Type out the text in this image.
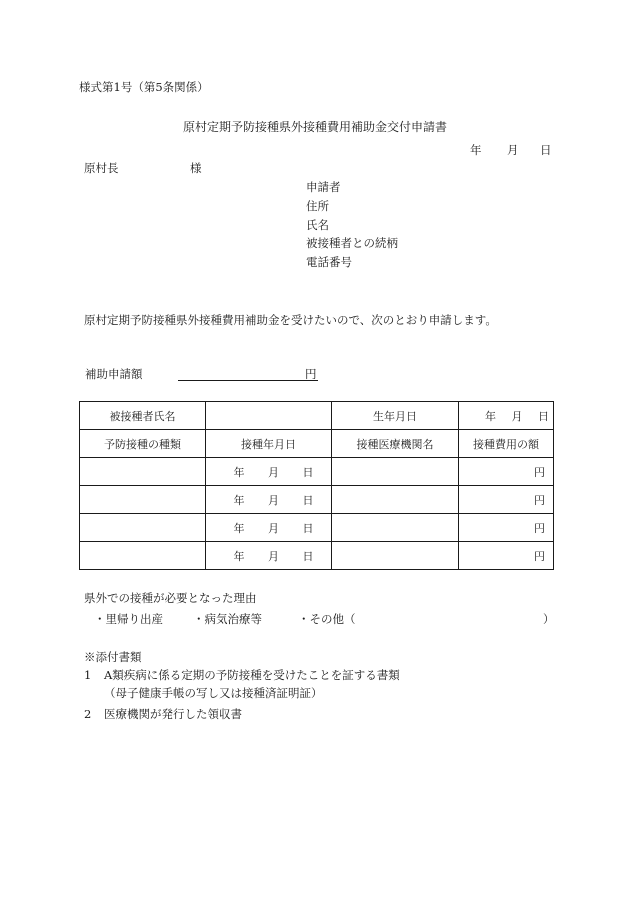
様式第1号（第5条関係）
原村定期予防接種県外接種費用補助金交付申請書
年 月 日
原村長	様
申請者
住所
氏名
被接種者との続柄
電話番号
原村定期予防接種県外接種費用補助金を受けたいので、次のとおり申請します。
補助申請額	円
被接種者氏名		生年月日	年 月 日
予防接種の種類	接種年月日	接種医療機関名	接種費用の額
	年 月 日		円
	年 月 日		円
	年 月 日		円
	年 月 日		円
県外での接種が必要となった理由
・里帰り出産	・病気治療等	・その他（	）
※添付書類
1 A類疾病に係る定期の予防接種を受けたことを証する書類
（母子健康手帳の写し又は接種済証明証）
2 医療機関が発行した領収書
